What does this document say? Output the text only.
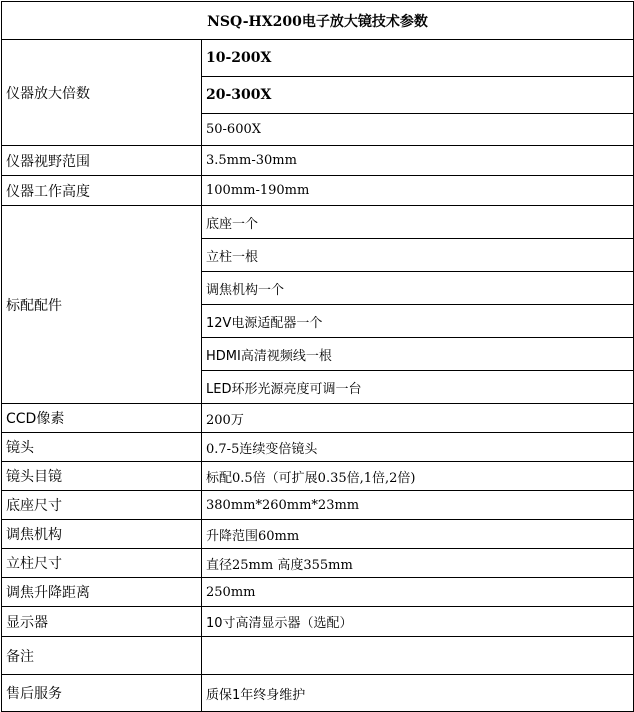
NSQ-HX200电子放大镜技术参数	
仪器放大倍数	10-200X
	20-300X
	50-600X
仪器视野范围	3.5mm-30mm
仪器工作高度	100mm-190mm
标配配件	底座一个
	立柱一根
	调焦机构一个
	12V电源适配器一个
	HDMI高清视频线一根
	LED环形光源亮度可调一台
CCD像素	200万
镜头	0.7-5连续变倍镜头
镜头目镜	标配0.5倍（可扩展0.35倍,1倍,2倍)
底座尺寸	380mm*260mm*23mm
调焦机构	升降范围60mm
立柱尺寸	直径25mm 高度355mm
调焦升降距离	250mm
显示器	10寸高清显示器（选配）
备注	
售后服务	质保1年终身维护
